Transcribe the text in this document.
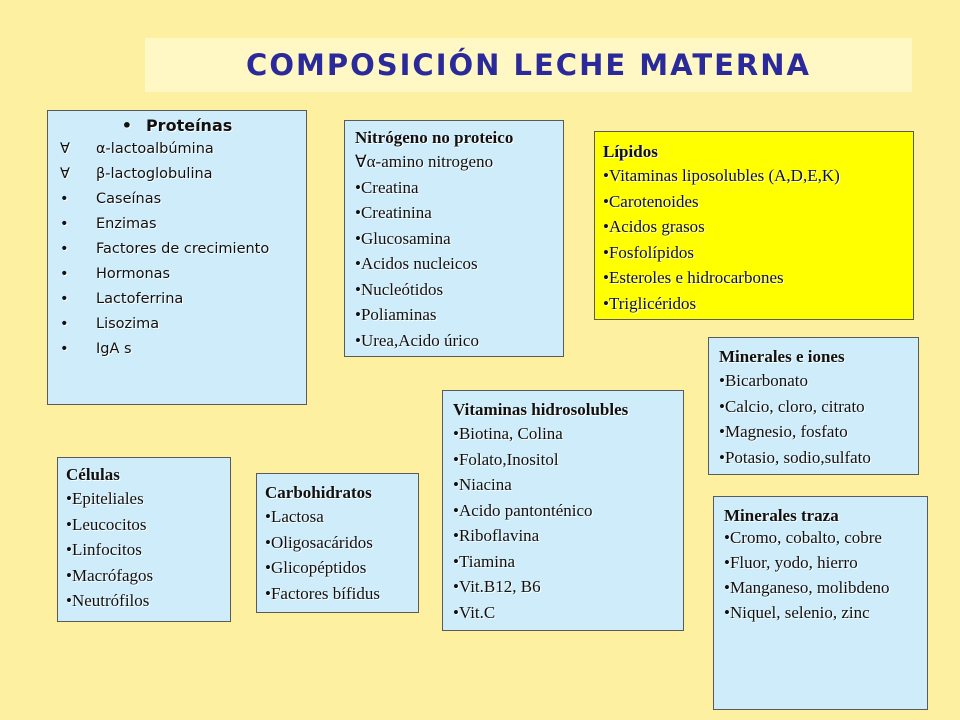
COMPOSICIÓN LECHE MATERNA
• Proteínas
∀ α-lactoalbúmina
∀ β-lactoglobulina
• Caseínas
• Enzimas
• Factores de crecimiento
• Hormonas
• Lactoferrina
• Lisozima
• IgA s

Nitrógeno no proteico

∀α-amino nitrogeno
•Creatina
•Creatinina
•Glucosamina
•Acidos nucleicos
•Nucleótidos
•Poliaminas
•Urea,Acido úrico

Lípidos

•Vitaminas liposolubles (A,D,E,K)
•Carotenoides
•Acidos grasos
•Fosfolípidos
•Esteroles e hidrocarbones
•Triglicéridos

Minerales e iones

•Bicarbonato
•Calcio, cloro, citrato
•Magnesio, fosfato
•Potasio, sodio,sulfato

Vitaminas hidrosolubles

•Biotina, Colina
•Folato,Inositol
•Niacina
•Acido pantonténico
•Riboflavina
•Tiamina
•Vit.B12, B6
•Vit.C

Células

•Epiteliales
•Leucocitos
•Linfocitos
•Macrófagos
•Neutrófilos

Carbohidratos

•Lactosa
•Oligosacáridos
•Glicopéptidos
•Factores bífidus

Minerales traza

•Cromo, cobalto, cobre
•Fluor, yodo, hierro
•Manganeso, molibdeno
•Niquel, selenio, zinc
